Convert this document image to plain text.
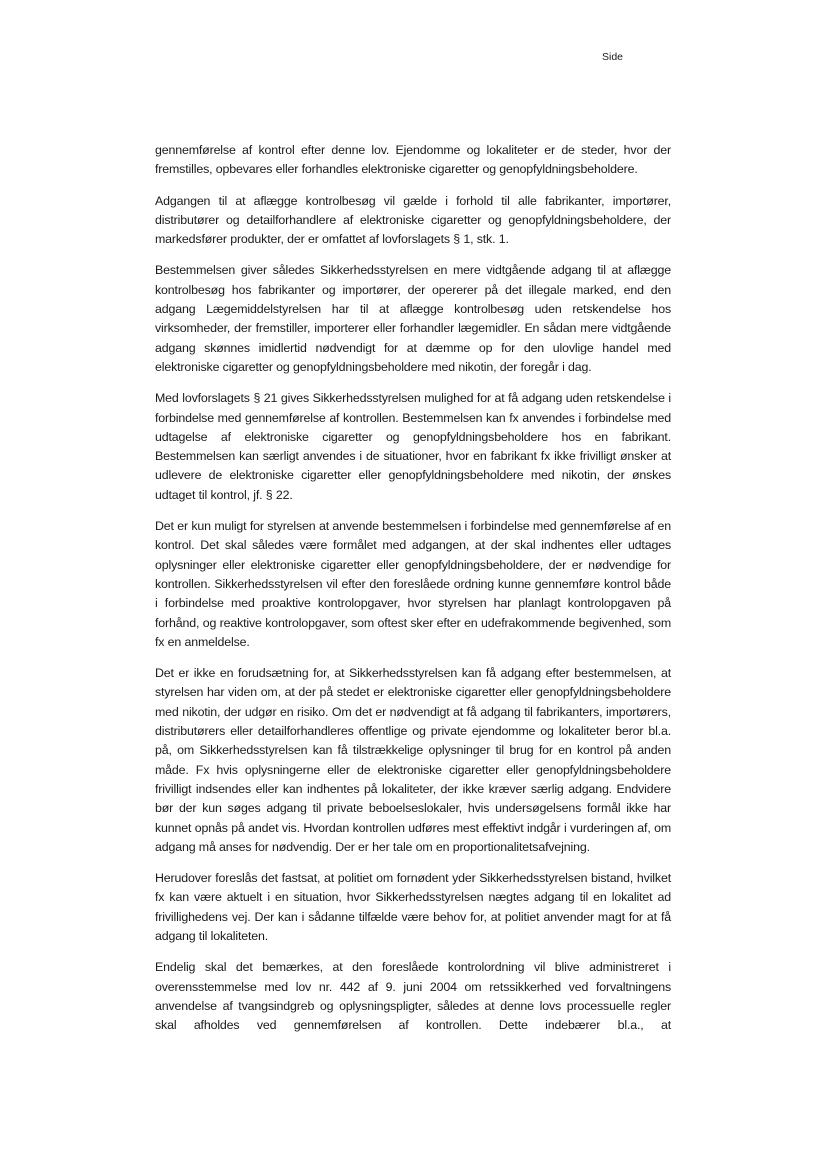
Side

gennemførelse af kontrol efter denne lov. Ejendomme og lokaliteter er de steder, hvor der fremstilles, opbevares eller forhandles elektroniske cigaretter og genopfyldningsbeholdere.

Adgangen til at aflægge kontrolbesøg vil gælde i forhold til alle fabrikanter, importører, distributører og detailforhandlere af elektroniske cigaretter og genopfyldningsbeholdere, der markedsfører produkter, der er omfattet af lovforslagets § 1, stk. 1.

Bestemmelsen giver således Sikkerhedsstyrelsen en mere vidtgående adgang til at aflægge kontrolbesøg hos fabrikanter og importører, der opererer på det illegale marked, end den adgang Lægemiddelstyrelsen har til at aflægge kontrolbesøg uden retskendelse hos virksomheder, der fremstiller, importerer eller forhandler lægemidler. En sådan mere vidtgående adgang skønnes imidlertid nødvendigt for at dæmme op for den ulovlige handel med elektroniske cigaretter og genopfyldningsbeholdere med nikotin, der foregår i dag.

Med lovforslagets § 21 gives Sikkerhedsstyrelsen mulighed for at få adgang uden retskendelse i forbindelse med gennemførelse af kontrollen. Bestemmelsen kan fx anvendes i forbindelse med udtagelse af elektroniske cigaretter og genopfyldningsbeholdere hos en fabrikant. Bestemmelsen kan særligt anvendes i de situationer, hvor en fabrikant fx ikke frivilligt ønsker at udlevere de elektroniske cigaretter eller genopfyldningsbeholdere med nikotin, der ønskes udtaget til kontrol, jf. § 22.

Det er kun muligt for styrelsen at anvende bestemmelsen i forbindelse med gennemførelse af en kontrol. Det skal således være formålet med adgangen, at der skal indhentes eller udtages oplysninger eller elektroniske cigaretter eller genopfyldningsbeholdere, der er nødvendige for kontrollen. Sikkerhedsstyrelsen vil efter den foreslåede ordning kunne gennemføre kontrol både i forbindelse med proaktive kontrolopgaver, hvor styrelsen har planlagt kontrolopgaven på forhånd, og reaktive kontrolopgaver, som oftest sker efter en udefrakommende begivenhed, som fx en anmeldelse.

Det er ikke en forudsætning for, at Sikkerhedsstyrelsen kan få adgang efter bestemmelsen, at styrelsen har viden om, at der på stedet er elektroniske cigaretter eller genopfyldningsbeholdere med nikotin, der udgør en risiko. Om det er nødvendigt at få adgang til fabrikanters, importørers, distributørers eller detailforhandleres offentlige og private ejendomme og lokaliteter beror bl.a. på, om Sikkerhedsstyrelsen kan få tilstrækkelige oplysninger til brug for en kontrol på anden måde. Fx hvis oplysningerne eller de elektroniske cigaretter eller genopfyldningsbeholdere frivilligt indsendes eller kan indhentes på lokaliteter, der ikke kræver særlig adgang. Endvidere bør der kun søges adgang til private beboelseslokaler, hvis undersøgelsens formål ikke har kunnet opnås på andet vis. Hvordan kontrollen udføres mest effektivt indgår i vurderingen af, om adgang må anses for nødvendig. Der er her tale om en proportionalitetsafvejning.

Herudover foreslås det fastsat, at politiet om fornødent yder Sikkerhedsstyrelsen bistand, hvilket fx kan være aktuelt i en situation, hvor Sikkerhedsstyrelsen nægtes adgang til en lokalitet ad frivillighedens vej. Der kan i sådanne tilfælde være behov for, at politiet anvender magt for at få adgang til lokaliteten.

Endelig skal det bemærkes, at den foreslåede kontrolordning vil blive administreret i overensstemmelse med lov nr. 442 af 9. juni 2004 om retssikkerhed ved forvaltningens anvendelse af tvangsindgreb og oplysningspligter, således at denne lovs processuelle regler skal afholdes ved gennemførelsen af kontrollen. Dette indebærer bl.a., at
